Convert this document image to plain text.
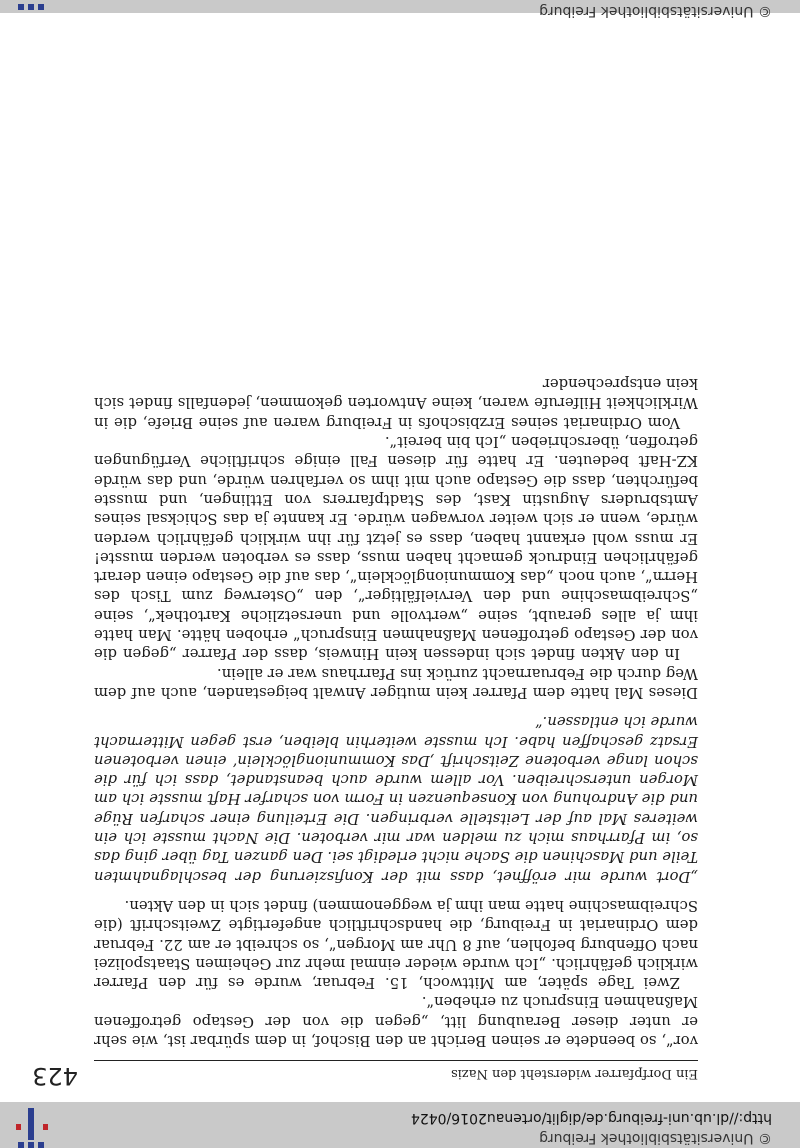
© Universitätsbibliothek Freiburg
http://dl.ub.uni-freiburg.de/diglit/ortenau2016/0424
Ein Dorfpfarrer widersteht den Nazis
423

vor“, so beendete er seinen Bericht an den Bischof, in dem spürbar ist, wie sehr er unter dieser Beraubung litt, „gegen die von der Gestapo getroffenen Maßnahmen Einspruch zu erheben“.

Zwei Tage später, am Mittwoch, 15. Februar, wurde es für den Pfarrer wirklich gefährlich. „Ich wurde wieder einmal mehr zur Geheimen Staatspolizei nach Offenburg befohlen, auf 8 Uhr am Morgen“, so schreibt er am 22. Februar dem Ordinariat in Freiburg, die handschriftlich angefertigte Zweitschrift (die Schreibmaschine hatte man ihm ja weggenommen) findet sich in den Akten.

„Dort wurde mir eröffnet, dass mit der Konfiszierung der beschlagnahmten Teile und Maschinen die Sache nicht erledigt sei. Den ganzen Tag über ging das so, im Pfarrhaus mich zu melden war mir verboten. Die Nacht musste ich ein weiteres Mal auf der Leitstelle verbringen. Die Erteilung einer scharfen Rüge und die Androhung von Konsequenzen in Form von scharfer Haft musste ich am Morgen unterschreiben. Vor allem wurde auch beanstandet, dass ich für die schon lange verbotene Zeitschrift ‚Das Kommunionglöcklein‘ einen verbotenen Ersatz geschaffen habe. Ich musste weiterhin bleiben, erst gegen Mitternacht wurde ich entlassen.“

Dieses Mal hatte dem Pfarrer kein mutiger Anwalt beigestanden, auch auf dem Weg durch die Februarnacht zurück ins Pfarrhaus war er allein.

In den Akten findet sich indessen kein Hinweis, dass der Pfarrer „gegen die von der Gestapo getroffenen Maßnahmen Einspruch“ erhoben hätte. Man hatte ihm ja alles geraubt, seine „wertvolle und unersetzliche Kartothek“, seine „Schreibmaschine und den Vervielfältiger“, den „Osterweg zum Tisch des Herrn“, auch noch „das Kommunionglöcklein“, das auf die Gestapo einen derart gefährlichen Eindruck gemacht haben muss, dass es verboten werden musste! Er muss wohl erkannt haben, dass es jetzt für ihn wirklich gefährlich werden würde, wenn er sich weiter vorwagen würde. Er kannte ja das Schicksal seines Amtsbruders Augustin Kast, des Stadtpfarrers von Ettlingen, und musste befürchten, dass die Gestapo auch mit ihm so verfahren würde, und das würde KZ-Haft bedeuten. Er hatte für diesen Fall einige schriftliche Verfügungen getroffen, überschrieben „Ich bin bereit“.

Vom Ordinariat seines Erzbischofs in Freiburg waren auf seine Briefe, die in Wirklichkeit Hilferufe waren, keine Antworten gekommen, jedenfalls findet sich kein entsprechender

© Universitätsbibliothek Freiburg
